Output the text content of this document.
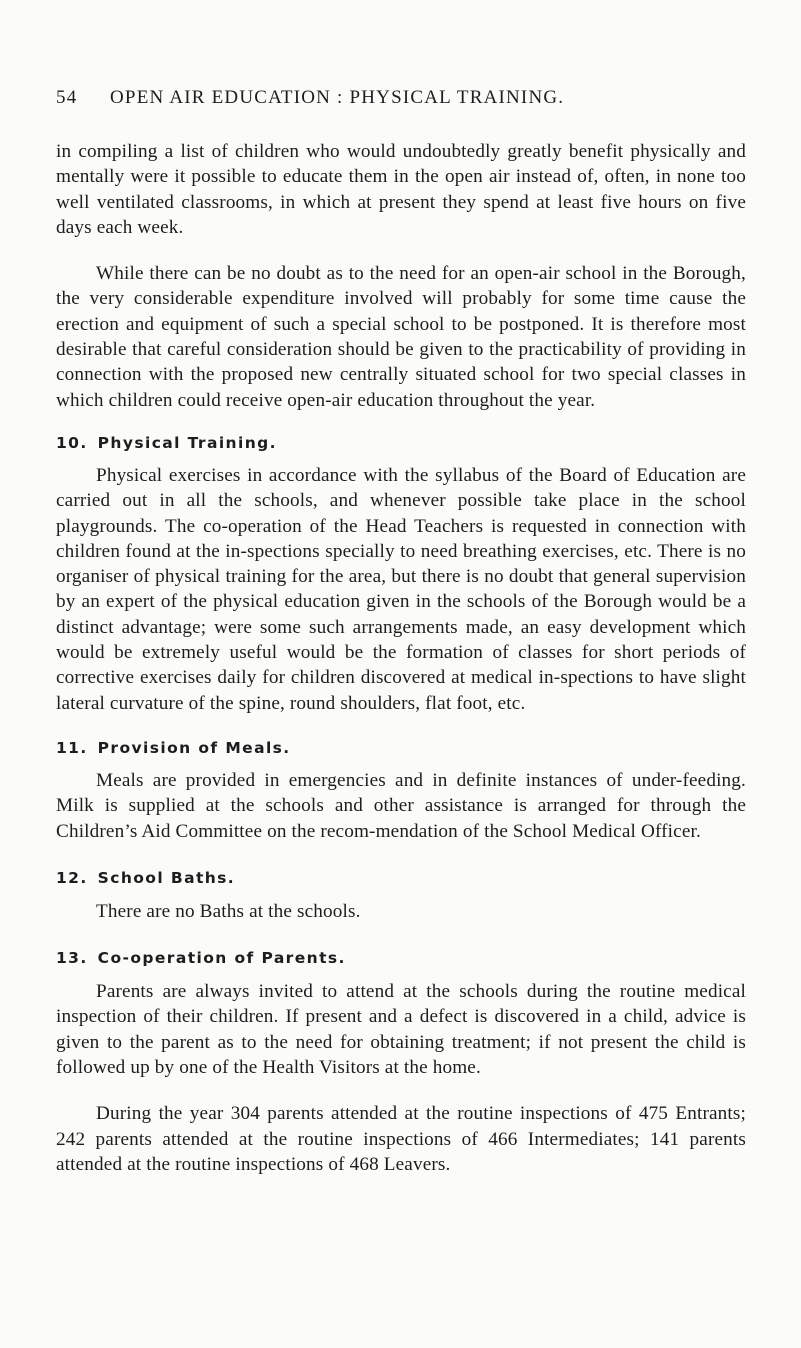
54 OPEN AIR EDUCATION : PHYSICAL TRAINING.

in compiling a list of children who would undoubtedly greatly benefit physically and mentally were it possible to educate them in the open air instead of, often, in none too well ventilated classrooms, in which at present they spend at least five hours on five days each week.

While there can be no doubt as to the need for an open-air school in the Borough, the very considerable expenditure involved will probably for some time cause the erection and equipment of such a special school to be postponed. It is therefore most desirable that careful consideration should be given to the practicability of providing in connection with the proposed new centrally situated school for two special classes in which children could receive open-air education throughout the year.

10. Physical Training.

Physical exercises in accordance with the syllabus of the Board of Education are carried out in all the schools, and whenever possible take place in the school playgrounds. The co-operation of the Head Teachers is requested in connection with children found at the in-spections specially to need breathing exercises, etc. There is no organiser of physical training for the area, but there is no doubt that general supervision by an expert of the physical education given in the schools of the Borough would be a distinct advantage; were some such arrangements made, an easy development which would be extremely useful would be the formation of classes for short periods of corrective exercises daily for children discovered at medical in-spections to have slight lateral curvature of the spine, round shoulders, flat foot, etc.

11. Provision of Meals.

Meals are provided in emergencies and in definite instances of under-feeding. Milk is supplied at the schools and other assistance is arranged for through the Children’s Aid Committee on the recom-mendation of the School Medical Officer.

12. School Baths.

There are no Baths at the schools.

13. Co-operation of Parents.

Parents are always invited to attend at the schools during the routine medical inspection of their children. If present and a defect is discovered in a child, advice is given to the parent as to the need for obtaining treatment; if not present the child is followed up by one of the Health Visitors at the home.

During the year 304 parents attended at the routine inspections of 475 Entrants; 242 parents attended at the routine inspections of 466 Intermediates; 141 parents attended at the routine inspections of 468 Leavers.
